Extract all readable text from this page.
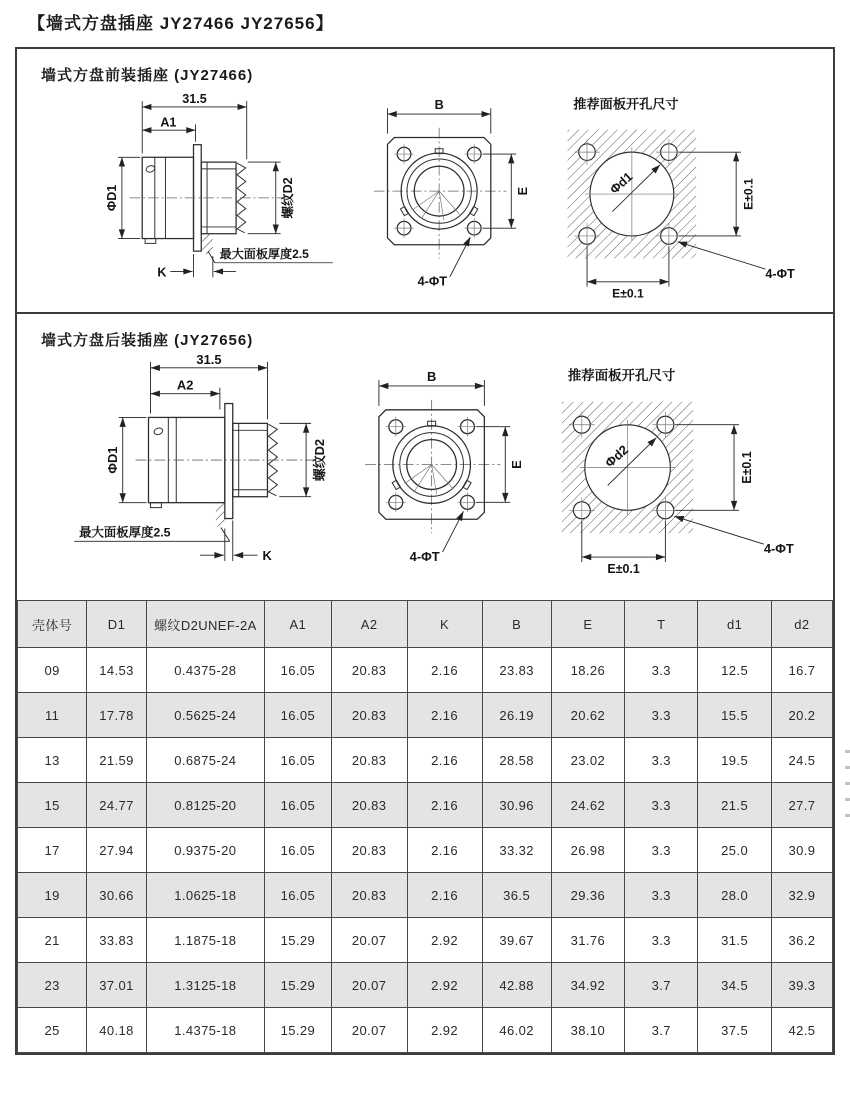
【墙式方盘插座 JY27466 JY27656】
墙式方盘前装插座 (JY27466)
31.5
A1
ΦD1	螺纹D2
最大面板厚度2.5
K
B
E
4-ΦT
推荐面板开孔尺寸
Φd1	E±0.1
E±0.1
4-ΦT
墙式方盘后装插座 (JY27656)
31.5
A2
ΦD1	螺纹D2
最大面板厚度2.5
K
B
E
4-ΦT
推荐面板开孔尺寸
Φd2	E±0.1
E±0.1
4-ΦT
壳体号	D1	螺纹D2UNEF-2A	A1	A2	K	B	E	T	d1	d2
09	14.53	0.4375-28	16.05	20.83	2.16	23.83	18.26	3.3	12.5	16.7
11	17.78	0.5625-24	16.05	20.83	2.16	26.19	20.62	3.3	15.5	20.2
13	21.59	0.6875-24	16.05	20.83	2.16	28.58	23.02	3.3	19.5	24.5
15	24.77	0.8125-20	16.05	20.83	2.16	30.96	24.62	3.3	21.5	27.7
17	27.94	0.9375-20	16.05	20.83	2.16	33.32	26.98	3.3	25.0	30.9
19	30.66	1.0625-18	16.05	20.83	2.16	36.5	29.36	3.3	28.0	32.9
21	33.83	1.1875-18	15.29	20.07	2.92	39.67	31.76	3.3	31.5	36.2
23	37.01	1.3125-18	15.29	20.07	2.92	42.88	34.92	3.7	34.5	39.3
25	40.18	1.4375-18	15.29	20.07	2.92	46.02	38.10	3.7	37.5	42.5
